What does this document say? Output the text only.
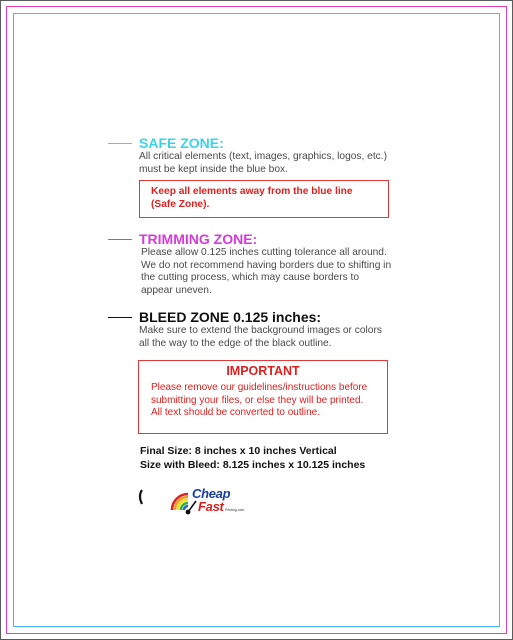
SAFE ZONE:
All critical elements (text, images, graphics, logos, etc.)
must be kept inside the blue box.
Keep all elements away from the blue line
(Safe Zone).
TRIMMING ZONE:
Please allow 0.125 inches cutting tolerance all around.
We do not recommend having borders due to shifting in
the cutting process, which may cause borders to
appear uneven.
BLEED ZONE 0.125 inches:
Make sure to extend the background images or colors
all the way to the edge of the black outline.
IMPORTANT
Please remove our guidelines/instructions before
submitting your files, or else they will be printed.
All text should be converted to outline.
Final Size: 8 inches x 10 inches Vertical
Size with Bleed: 8.125 inches x 10.125 inches
Cheap
Fast Printing.com
